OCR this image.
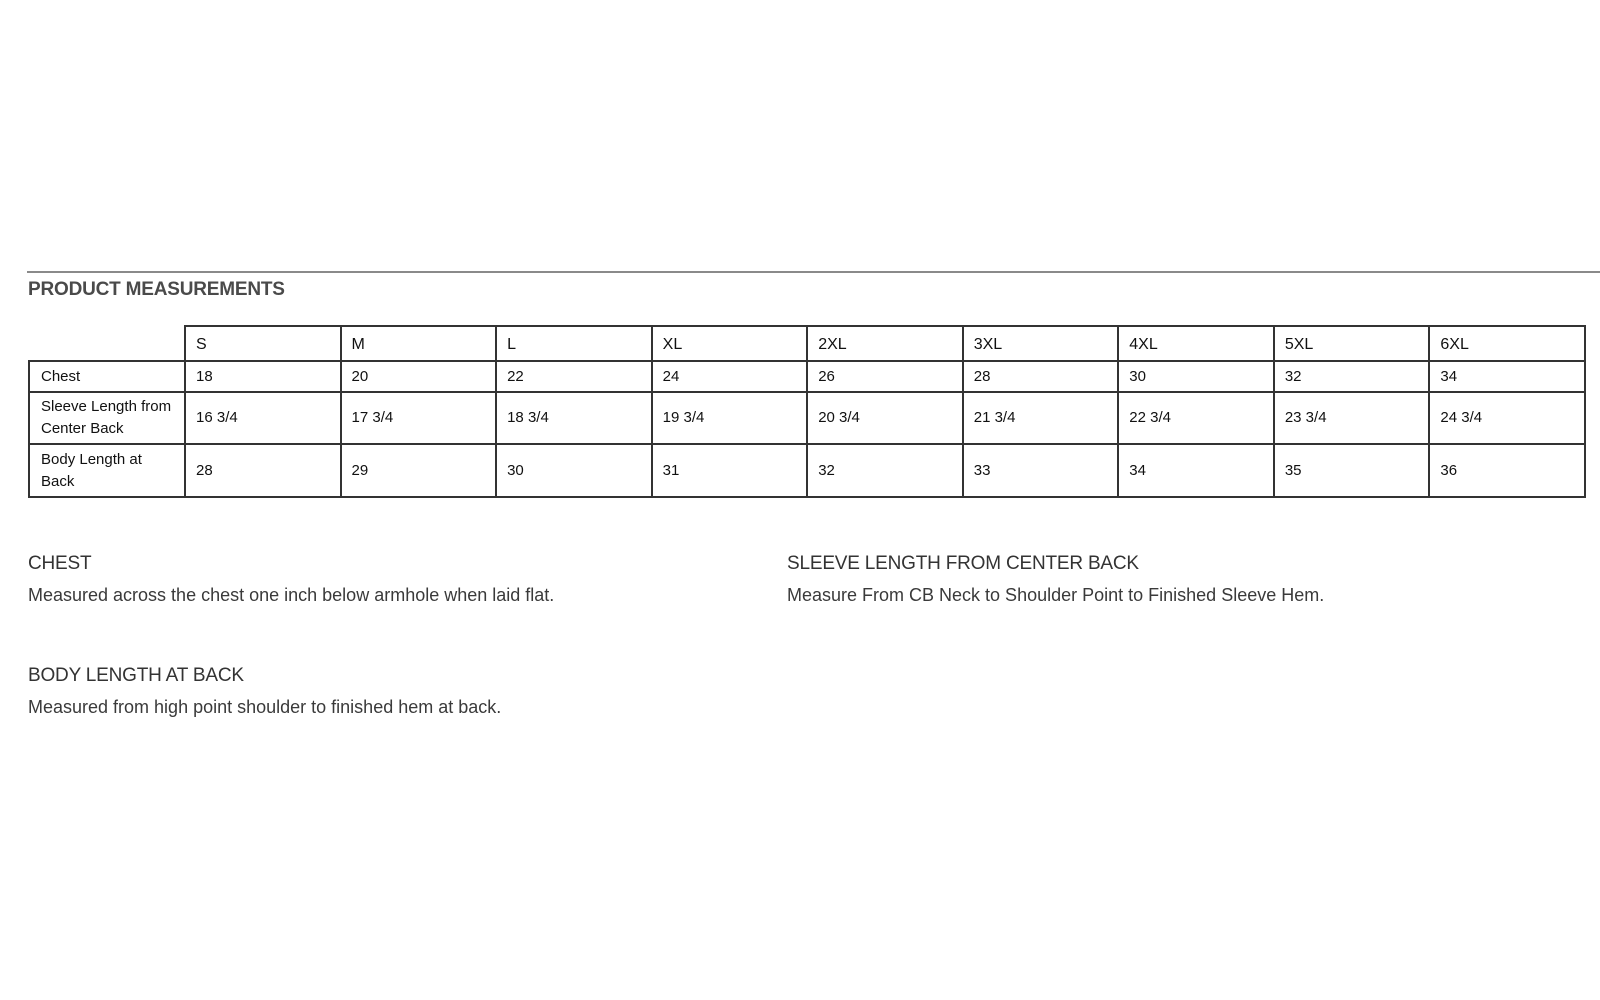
PRODUCT MEASUREMENTS
	S	M	L	XL	2XL	3XL	4XL	5XL	6XL
Chest	18	20	22	24	26	28	30	32	34
Sleeve Length from Center Back	16 3/4	17 3/4	18 3/4	19 3/4	20 3/4	21 3/4	22 3/4	23 3/4	24 3/4
Body Length at Back	28	29	30	31	32	33	34	35	36

CHEST

Measured across the chest one inch below armhole when laid flat.

SLEEVE LENGTH FROM CENTER BACK

Measure From CB Neck to Shoulder Point to Finished Sleeve Hem.

BODY LENGTH AT BACK

Measured from high point shoulder to finished hem at back.
